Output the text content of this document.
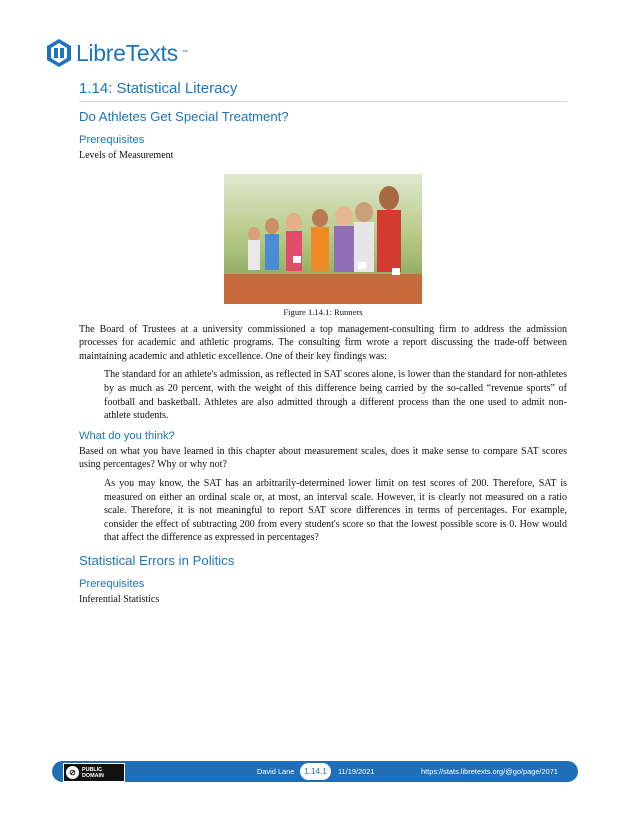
LibreTexts ™
1.14: Statistical Literacy
Do Athletes Get Special Treatment?
Prerequisites

Levels of Measurement

Figure 1.14.1: Runners

The Board of Trustees at a university commissioned a top management-consulting firm to address the admission processes for academic and athletic programs. The consulting firm wrote a report discussing the trade-off between maintaining academic and athletic excellence. One of their key findings was:

The standard for an athlete's admission, as reflected in SAT scores alone, is lower than the standard for non-athletes by as much as 20 percent, with the weight of this difference being carried by the so-called “revenue sports” of football and basketball. Athletes are also admitted through a different process than the one used to admit non-athlete students.

What do you think?

Based on what you have learned in this chapter about measurement scales, does it make sense to compare SAT scores using percentages? Why or why not?

As you may know, the SAT has an arbitrarily-determined lower limit on test scores of 200. Therefore, SAT is measured on either an ordinal scale or, at most, an interval scale. However, it is clearly not measured on a ratio scale. Therefore, it is not meaningful to report SAT score differences in terms of percentages. For example, consider the effect of subtracting 200 from every student's score so that the lowest possible score is 0. How would that affect the difference as expressed in percentages?

Statistical Errors in Politics
Prerequisites

Inferential Statistics

⊘	PUBLIC
DOMAIN	David Lane	1.14.1	11/19/2021	https://stats.libretexts.org/@go/page/2071
